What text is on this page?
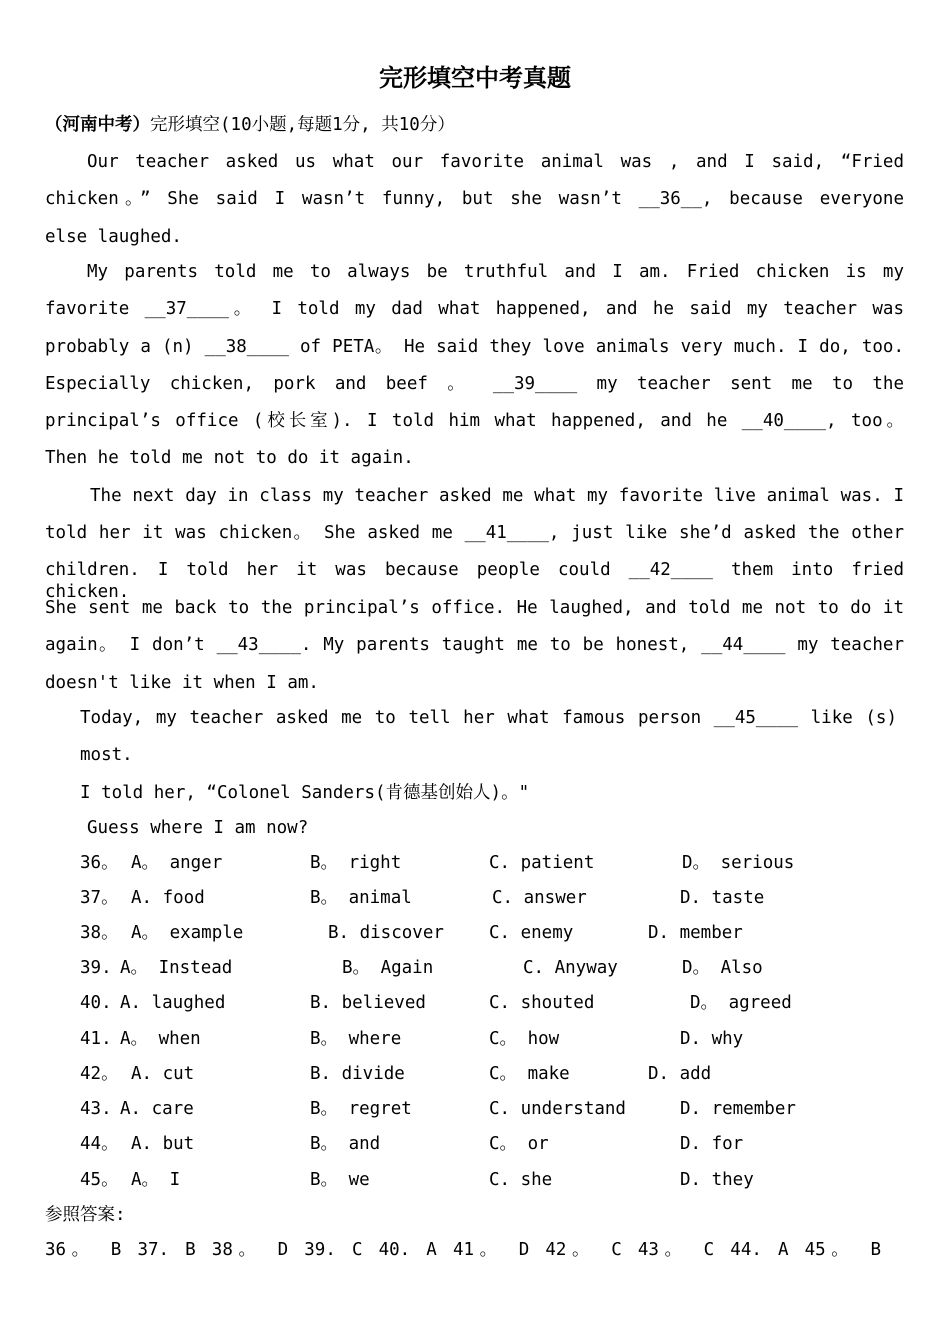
完形填空中考真题
（河南中考）完形填空(10小题,每题1分, 共10分）
Our teacher asked us what our favorite animal was , and I said, “Fried
chicken。” She said I wasn’t funny, but she wasn’t __36__, because everyone
else laughed.
My parents told me to always be truthful and I am. Fried chicken is my
favorite __37____。 I told my dad what happened, and he said my teacher was
probably a (n) __38____ of PETA。 He said they love animals very much. I do, too.
Especially chicken, pork and beef 。 __39____ my teacher sent me to the
principal’s office (校长室). I told him what happened, and he __40____, too。
Then he told me not to do it again.
The next day in class my teacher asked me what my favorite live animal was. I
told her it was chicken。 She asked me __41____, just like she’d asked the other
children. I told her it was because people could __42____ them into fried chicken.
She sent me back to the principal’s office. He laughed, and told me not to do it
again。 I don’t __43____. My parents taught me to be honest, __44____ my teacher
doesn't like it when I am.
Today, my teacher asked me to tell her what famous person __45____ like (s)
most.
I told her, “Colonel Sanders(肯德基创始人)。"
Guess where I am now?
36。 A。 anger	B。 right	C. patient	D。 serious
37。 A. food	B。 animal	C. answer	D. taste
38。 A。 example	B. discover	C. enemy	D. member
39. A。 Instead	B。 Again	C. Anyway	D。 Also
40. A. laughed	B. believed	C. shouted	D。 agreed
41. A。 when	B。 where	C。 how	D. why
42。 A. cut	B. divide	C。 make	D. add
43. A. care	B。 regret	C. understand	D. remember
44。 A. but	B。 and	C。 or	D. for
45。 A。 I	B。 we	C. she	D. they
参照答案:
36。 B 37. B 38。 D 39. C 40. A 41。 D 42。 C 43。 C 44. A 45。 B
